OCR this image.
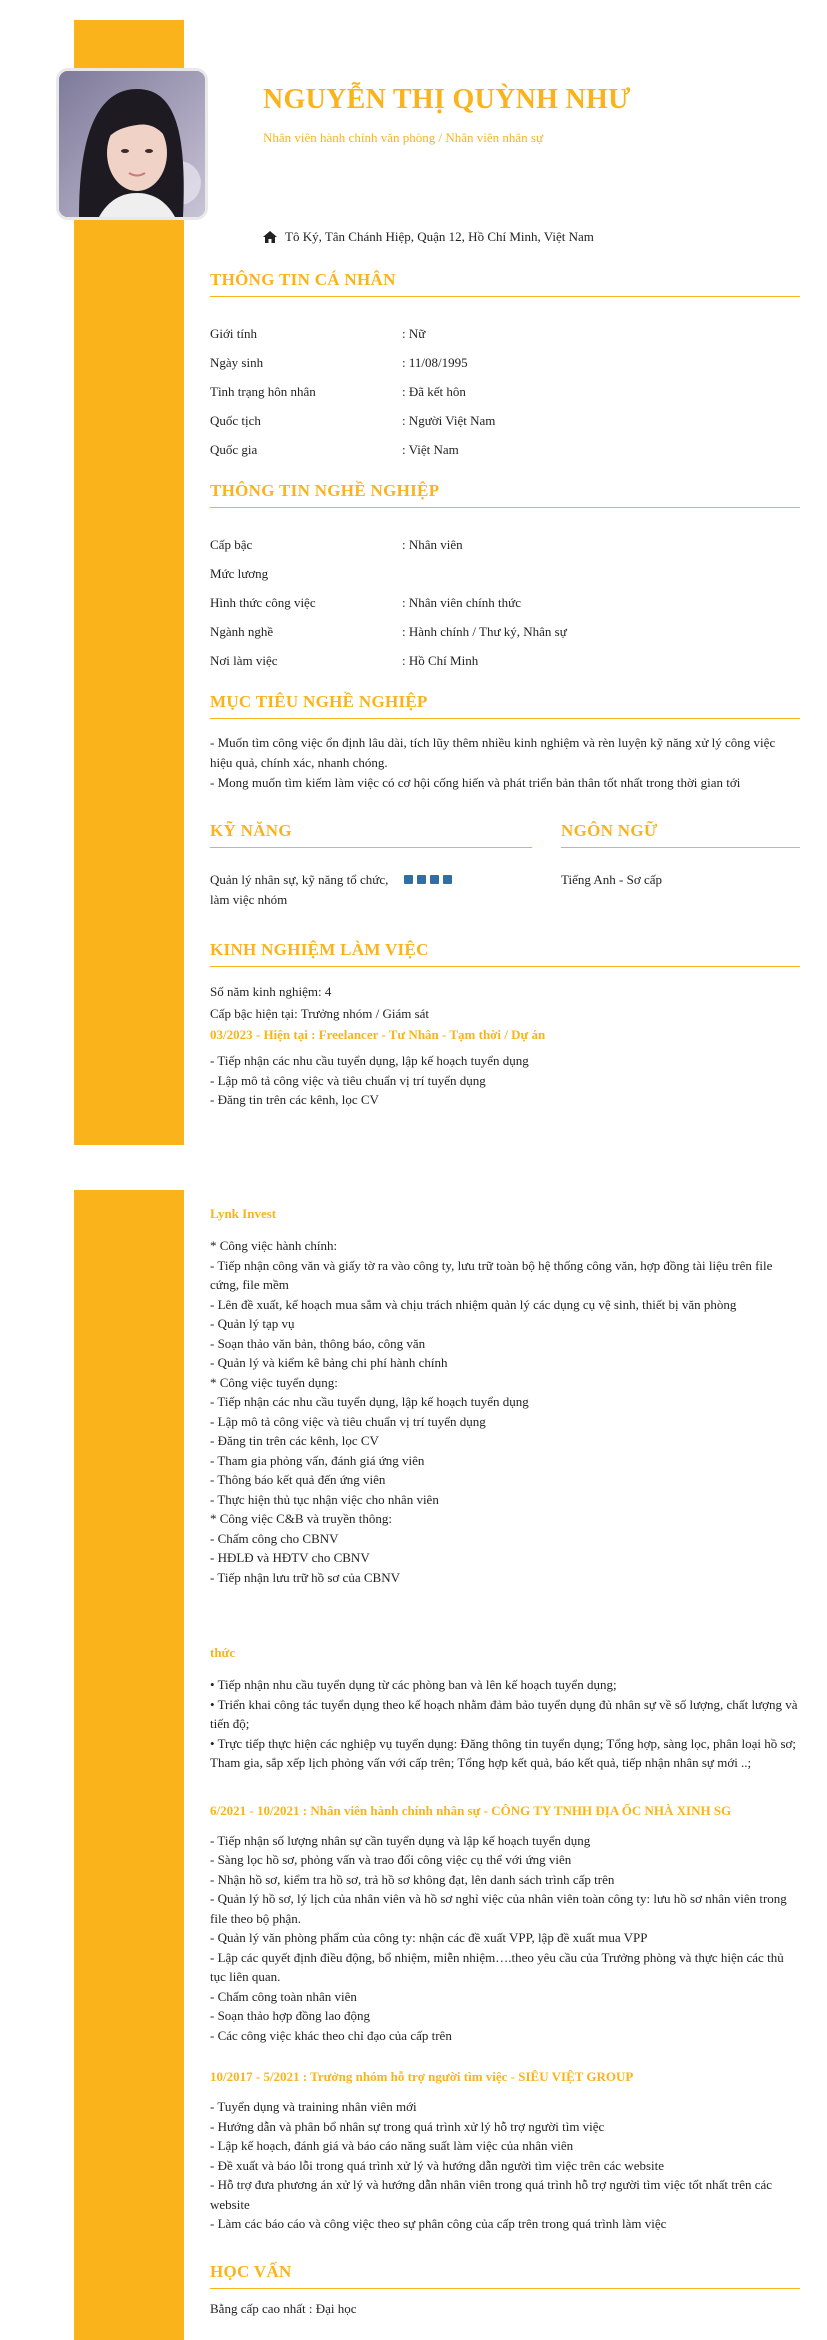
NGUYỄN THỊ QUỲNH NHƯ
Nhân viên hành chính văn phòng / Nhân viên nhân sự
Tô Ký, Tân Chánh Hiệp, Quận 12, Hồ Chí Minh, Việt Nam
THÔNG TIN CÁ NHÂN
Giới tính	: Nữ
Ngày sinh	: 11/08/1995
Tình trạng hôn nhân	: Đã kết hôn
Quốc tịch	: Người Việt Nam
Quốc gia	: Việt Nam
THÔNG TIN NGHỀ NGHIỆP
Cấp bậc	: Nhân viên
Mức lương
Hình thức công việc	: Nhân viên chính thức
Ngành nghề	: Hành chính / Thư ký, Nhân sự
Nơi làm việc	: Hồ Chí Minh
MỤC TIÊU NGHỀ NGHIỆP
- Muốn tìm công việc ổn định lâu dài, tích lũy thêm nhiều kinh nghiệm và rèn luyện kỹ năng xử lý công việc hiệu quả, chính xác, nhanh chóng.
- Mong muốn tìm kiếm làm việc có cơ hội cống hiến và phát triển bản thân tốt nhất trong thời gian tới
KỸ NĂNG
Quản lý nhân sự, kỹ năng tổ chức, làm việc nhóm
NGÔN NGỮ
Tiếng Anh - Sơ cấp
KINH NGHIỆM LÀM VIỆC
Số năm kinh nghiệm: 4
Cấp bậc hiện tại: Trưởng nhóm / Giám sát
03/2023 - Hiện tại : Freelancer - Tư Nhân - Tạm thời / Dự án
- Tiếp nhận các nhu cầu tuyển dụng, lập kế hoạch tuyển dụng
- Lập mô tả công việc và tiêu chuẩn vị trí tuyển dụng
- Đăng tin trên các kênh, lọc CV
Lynk Invest
* Công việc hành chính:
- Tiếp nhận công văn và giấy tờ ra vào công ty, lưu trữ toàn bộ hệ thống công văn, hợp đồng tài liệu trên file cứng, file mềm
- Lên đề xuất, kế hoạch mua sắm và chịu trách nhiệm quản lý các dụng cụ vệ sinh, thiết bị văn phòng
- Quản lý tạp vụ
- Soạn thảo văn bản, thông báo, công văn
- Quản lý và kiểm kê bảng chi phí hành chính
* Công việc tuyển dụng:
- Tiếp nhận các nhu cầu tuyển dụng, lập kế hoạch tuyển dụng
- Lập mô tả công việc và tiêu chuẩn vị trí tuyển dụng
- Đăng tin trên các kênh, lọc CV
- Tham gia phỏng vấn, đánh giá ứng viên
- Thông báo kết quả đến ứng viên
- Thực hiện thủ tục nhận việc cho nhân viên
* Công việc C&B và truyền thông:
- Chấm công cho CBNV
- HĐLĐ và HĐTV cho CBNV
- Tiếp nhận lưu trữ hồ sơ của CBNV
thức
• Tiếp nhận nhu cầu tuyển dụng từ các phòng ban và lên kế hoạch tuyển dụng;
• Triển khai công tác tuyển dụng theo kế hoạch nhằm đảm bảo tuyển dụng đủ nhân sự về số lượng, chất lượng và tiến độ;
• Trực tiếp thực hiện các nghiệp vụ tuyển dụng: Đăng thông tin tuyển dụng; Tổng hợp, sàng lọc, phân loại hồ sơ; Tham gia, sắp xếp lịch phỏng vấn với cấp trên; Tổng hợp kết quả, báo kết quả, tiếp nhận nhân sự mới ..;
6/2021 - 10/2021 : Nhân viên hành chính nhân sự - CÔNG TY TNHH ĐỊA ỐC NHÀ XINH SG
- Tiếp nhận số lượng nhân sự cần tuyển dụng và lập kế hoạch tuyển dụng
- Sàng lọc hồ sơ, phỏng vấn và trao đổi công việc cụ thể với ứng viên
- Nhận hồ sơ, kiểm tra hồ sơ, trả hồ sơ không đạt, lên danh sách trình cấp trên
- Quản lý hồ sơ, lý lịch của nhân viên và hồ sơ nghỉ việc của nhân viên toàn công ty: lưu hồ sơ nhân viên trong file theo bộ phận.
- Quản lý văn phòng phẩm của công ty: nhận các đề xuất VPP, lập đề xuất mua VPP
- Lập các quyết định điều động, bổ nhiệm, miễn nhiệm….theo yêu cầu của Trưởng phòng và thực hiện các thủ tục liên quan.
- Chấm công toàn nhân viên
- Soạn thảo hợp đồng lao động
- Các công việc khác theo chỉ đạo của cấp trên
10/2017 - 5/2021 : Trưởng nhóm hỗ trợ người tìm việc - SIÊU VIỆT GROUP
- Tuyển dụng và training nhân viên mới
- Hướng dẫn và phân bổ nhân sự trong quá trình xử lý hỗ trợ người tìm việc
- Lập kế hoạch, đánh giá và báo cáo năng suất làm việc của nhân viên
- Đề xuất và báo lỗi trong quá trình xử lý và hướng dẫn người tìm việc trên các website
- Hỗ trợ đưa phương án xử lý và hướng dẫn nhân viên trong quá trình hỗ trợ người tìm việc tốt nhất trên các website
- Làm các báo cáo và công việc theo sự phân công của cấp trên trong quá trình làm việc
HỌC VẤN
Bằng cấp cao nhất : Đại học
